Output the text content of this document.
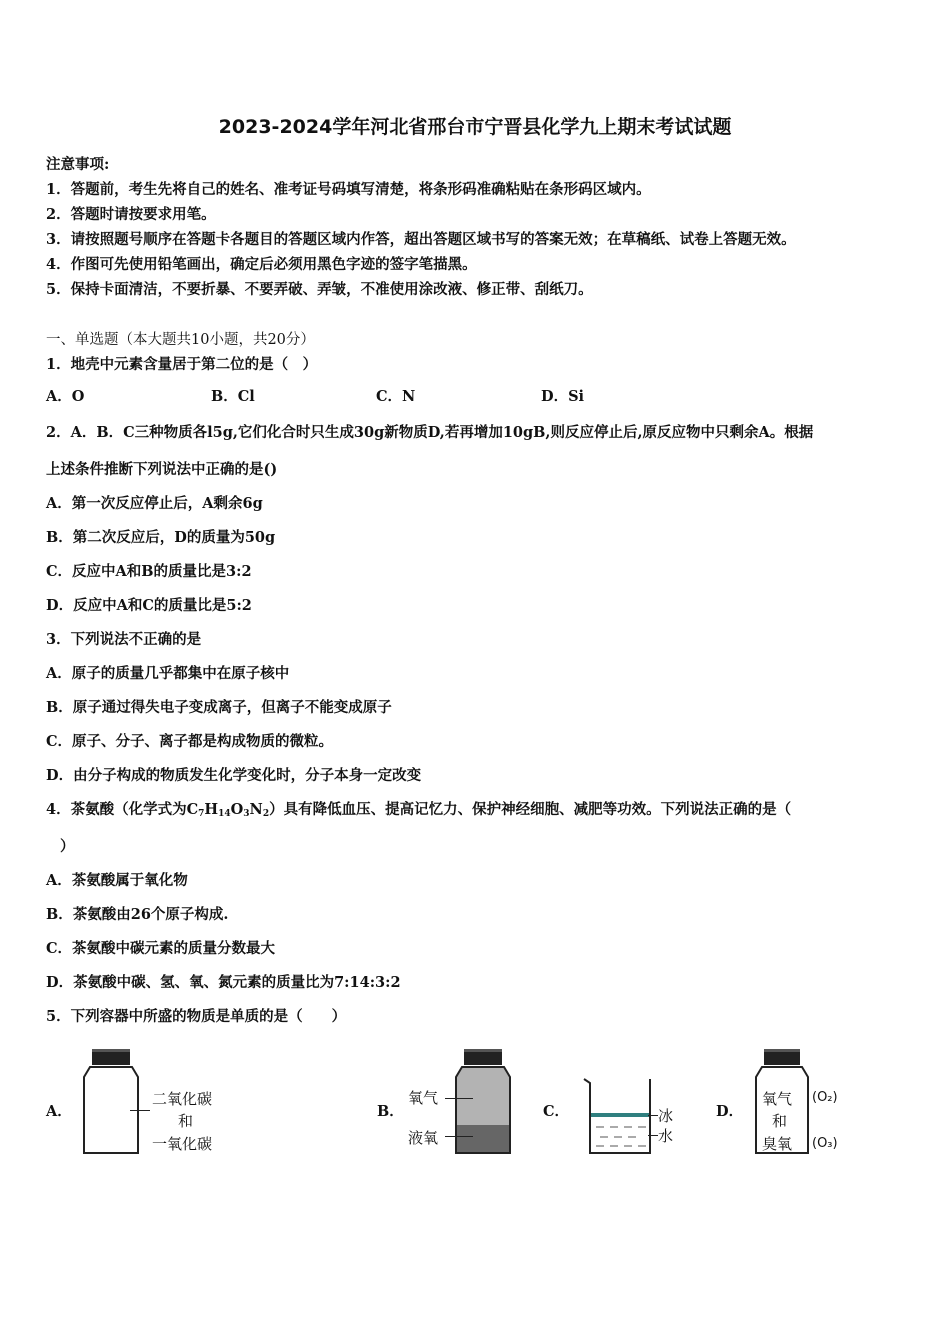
2023-2024学年河北省邢台市宁晋县化学九上期末考试试题
注意事项:
1．答题前，考生先将自己的姓名、准考证号码填写清楚，将条形码准确粘贴在条形码区域内。
2．答题时请按要求用笔。
3．请按照题号顺序在答题卡各题目的答题区域内作答，超出答题区域书写的答案无效；在草稿纸、试卷上答题无效。
4．作图可先使用铅笔画出，确定后必须用黑色字迹的签字笔描黑。
5．保持卡面清洁，不要折暴、不要弄破、弄皱，不准使用涂改液、修正带、刮纸刀。
一、单选题（本大题共10小题，共20分）
1．地壳中元素含量居于第二位的是（　）
A．O	B．Cl	C．N	D．Si
2．A．B．C三种物质各l5g,它们化合时只生成30g新物质D,若再增加10gB,则反应停止后,原反应物中只剩余A。根据
上述条件推断下列说法中正确的是()
A．第一次反应停止后，A剩余6g
B．第二次反应后，D的质量为50g
C．反应中A和B的质量比是3:2
D．反应中A和C的质量比是5:2
3．下列说法不正确的是
A．原子的质量几乎都集中在原子核中
B．原子通过得失电子变成离子，但离子不能变成原子
C．原子、分子、离子都是构成物质的微粒。
D．由分子构成的物质发生化学变化时，分子本身一定改变
4．茶氨酸（化学式为$C_7H_{14}O_3N_2$）具有降低血压、提高记忆力、保护神经细胞、减肥等功效。下列说法正确的是（
）
A．茶氨酸属于氧化物
B．茶氨酸由26个原子构成.
C．茶氨酸中碳元素的质量分数最大
D．茶氨酸中碳、氢、氧、氮元素的质量比为7:14:3:2
5．下列容器中所盛的物质是单质的是（　　）
A．
二氧化碳
和
一氧化碳
B．
氧气
液氧
C．	冰
水
D．
氧气
和
臭氧
(O₂)
(O₃)
